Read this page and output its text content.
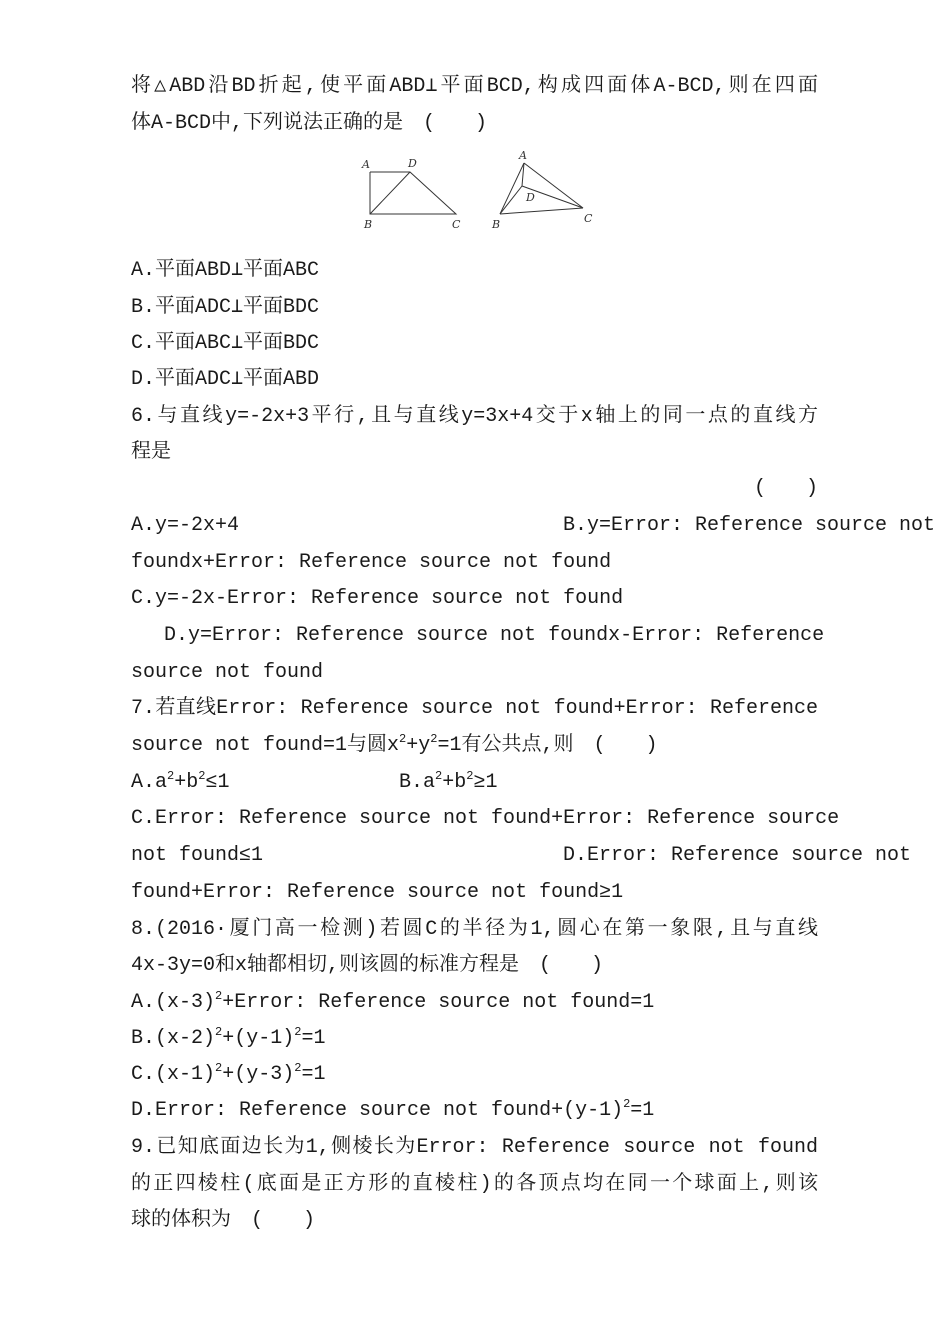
将△ABD沿BD折起,使平面ABD⊥平面BCD,构成四面体A-BCD,则在四面
体A-BCD中,下列说法正确的是　(　　)
A	D
B	C
A
D
B	C
A.平面ABD⊥平面ABC
B.平面ADC⊥平面BDC
C.平面ABC⊥平面BDC
D.平面ADC⊥平面ABD
6.与直线y=-2x+3平行,且与直线y=3x+4交于x轴上的同一点的直线方
程是
(　　)
A.y=-2x+4	B.y=Error: Reference source not
foundx+Error: Reference source not found
C.y=-2x-Error: Reference source not found
D.y=Error: Reference source not foundx-Error: Reference
source not found
7.若直线Error: Reference source not found+Error: Reference
source not found=1与圆$x^2+y^2=1$有公共点,则　(　　)
$A.a^2+b^2\le 1$	$B.a^2+b^2\ge 1$
C.Error: Reference source not found+Error: Reference source
not found≤1	D.Error: Reference source not
found+Error: Reference source not found≥1
8.(2016·厦门高一检测)若圆C的半径为1,圆心在第一象限,且与直线
4x-3y=0和x轴都相切,则该圆的标准方程是　(　　)
$A.(x-3)^2+Error$: Reference source not found=1
$B.(x-2)^2+(y-1)^2=1$
$C.(x-1)^2+(y-3)^2=1$
D.Error: Reference source not $found+(y-1)^2=1$
9.已知底面边长为1,侧棱长为Error: Reference source not found
的正四棱柱(底面是正方形的直棱柱)的各顶点均在同一个球面上,则该
球的体积为　(　　)
